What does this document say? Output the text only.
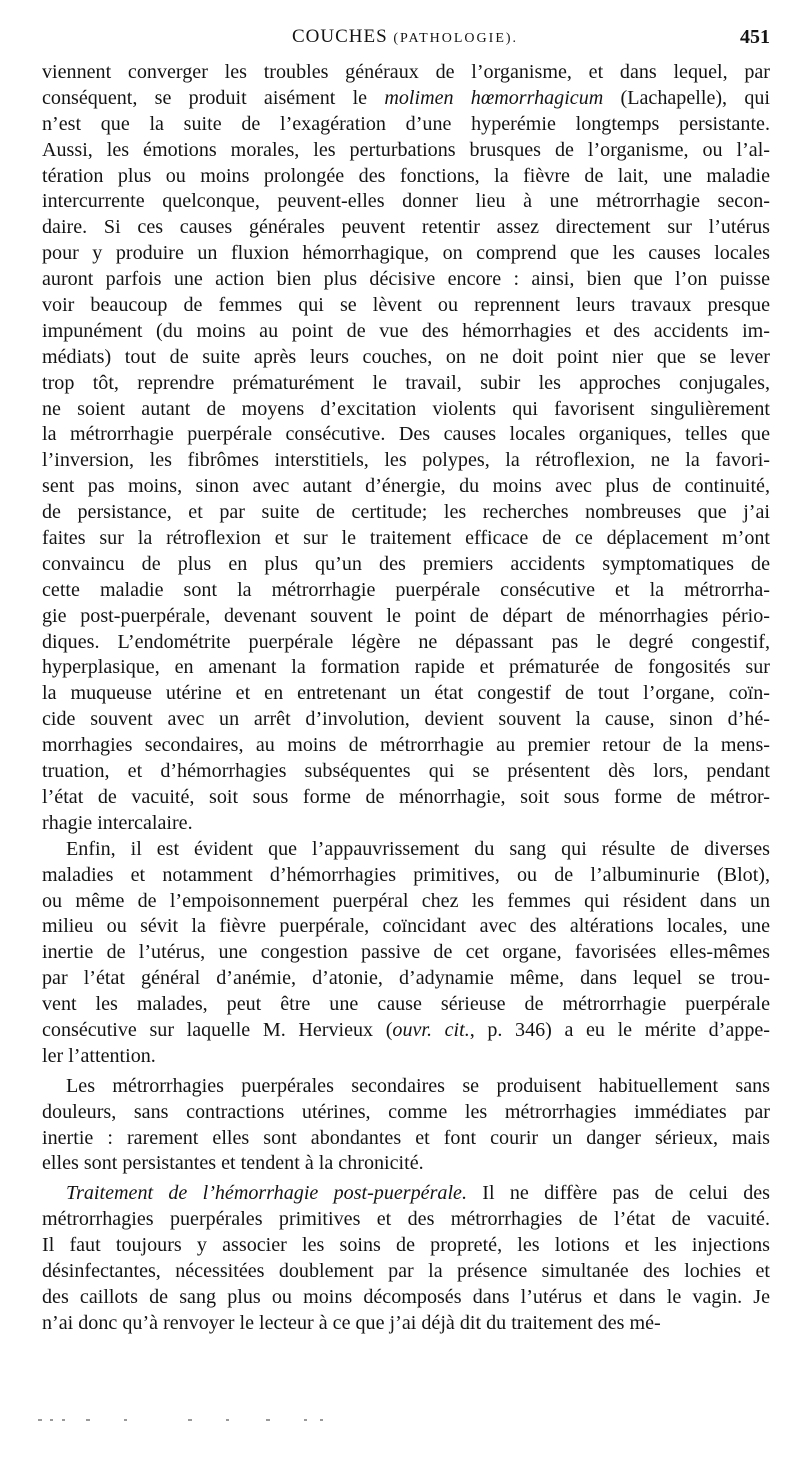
COUCHES (PATHOLOGIE).	451
viennent converger les troubles généraux de l’organisme, et dans lequel, par
conséquent, se produit aisément le molimen hœmorrhagicum (Lachapelle), qui
n’est que la suite de l’exagération d’une hyperémie longtemps persistante.
Aussi, les émotions morales, les perturbations brusques de l’organisme, ou l’al-
tération plus ou moins prolongée des fonctions, la fièvre de lait, une maladie
intercurrente quelconque, peuvent-elles donner lieu à une métrorrhagie secon-
daire. Si ces causes générales peuvent retentir assez directement sur l’utérus
pour y produire un fluxion hémorrhagique, on comprend que les causes locales
auront parfois une action bien plus décisive encore : ainsi, bien que l’on puisse
voir beaucoup de femmes qui se lèvent ou reprennent leurs travaux presque
impunément (du moins au point de vue des hémorrhagies et des accidents im-
médiats) tout de suite après leurs couches, on ne doit point nier que se lever
trop tôt, reprendre prématurément le travail, subir les approches conjugales,
ne soient autant de moyens d’excitation violents qui favorisent singulièrement
la métrorrhagie puerpérale consécutive. Des causes locales organiques, telles que
l’inversion, les fibrômes interstitiels, les polypes, la rétroflexion, ne la favori-
sent pas moins, sinon avec autant d’énergie, du moins avec plus de continuité,
de persistance, et par suite de certitude; les recherches nombreuses que j’ai
faites sur la rétroflexion et sur le traitement efficace de ce déplacement m’ont
convaincu de plus en plus qu’un des premiers accidents symptomatiques de
cette maladie sont la métrorrhagie puerpérale consécutive et la métrorrha-
gie post-puerpérale, devenant souvent le point de départ de ménorrhagies pério-
diques. L’endométrite puerpérale légère ne dépassant pas le degré congestif,
hyperplasique, en amenant la formation rapide et prématurée de fongosités sur
la muqueuse utérine et en entretenant un état congestif de tout l’organe, coïn-
cide souvent avec un arrêt d’involution, devient souvent la cause, sinon d’hé-
morrhagies secondaires, au moins de métrorrhagie au premier retour de la mens-
truation, et d’hémorrhagies subséquentes qui se présentent dès lors, pendant
l’état de vacuité, soit sous forme de ménorrhagie, soit sous forme de métror-
rhagie intercalaire.
Enfin, il est évident que l’appauvrissement du sang qui résulte de diverses
maladies et notamment d’hémorrhagies primitives, ou de l’albuminurie (Blot),
ou même de l’empoisonnement puerpéral chez les femmes qui résident dans un
milieu ou sévit la fièvre puerpérale, coïncidant avec des altérations locales, une
inertie de l’utérus, une congestion passive de cet organe, favorisées elles-mêmes
par l’état général d’anémie, d’atonie, d’adynamie même, dans lequel se trou-
vent les malades, peut être une cause sérieuse de métrorrhagie puerpérale
consécutive sur laquelle M. Hervieux (ouvr. cit., p. 346) a eu le mérite d’appe-
ler l’attention.
Les métrorrhagies puerpérales secondaires se produisent habituellement sans
douleurs, sans contractions utérines, comme les métrorrhagies immédiates par
inertie : rarement elles sont abondantes et font courir un danger sérieux, mais
elles sont persistantes et tendent à la chronicité.
Traitement de l’hémorrhagie post-puerpérale. Il ne diffère pas de celui des
métrorrhagies puerpérales primitives et des métrorrhagies de l’état de vacuité.
Il faut toujours y associer les soins de propreté, les lotions et les injections
désinfectantes, nécessitées doublement par la présence simultanée des lochies et
des caillots de sang plus ou moins décomposés dans l’utérus et dans le vagin. Je
n’ai donc qu’à renvoyer le lecteur à ce que j’ai déjà dit du traitement des mé-
